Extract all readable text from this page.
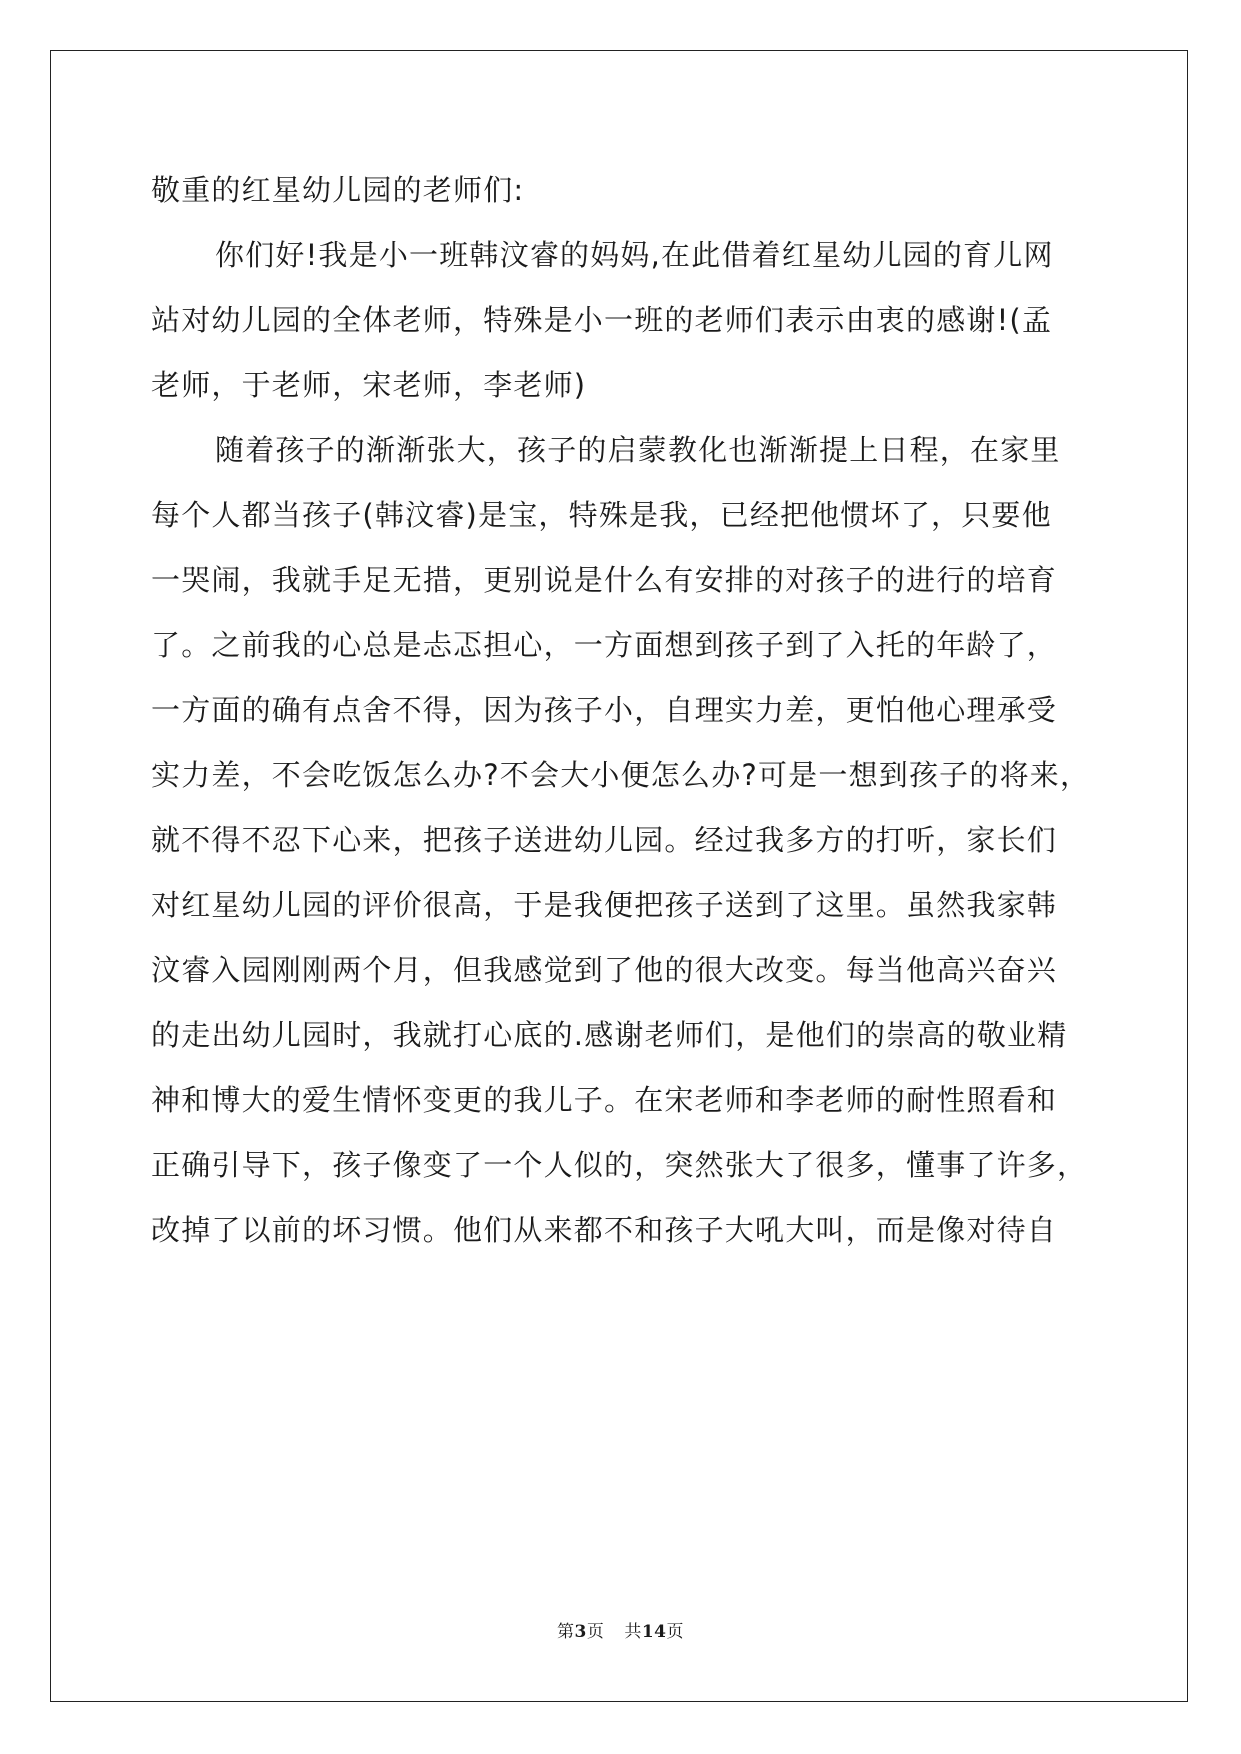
敬重的红星幼儿园的老师们:
你们好!我是小一班韩汶睿的妈妈,在此借着红星幼儿园的育儿网
站对幼儿园的全体老师，特殊是小一班的老师们表示由衷的感谢!(孟
老师，于老师，宋老师，李老师)
随着孩子的渐渐张大，孩子的启蒙教化也渐渐提上日程，在家里
每个人都当孩子(韩汶睿)是宝，特殊是我，已经把他惯坏了，只要他
一哭闹，我就手足无措，更别说是什么有安排的对孩子的进行的培育
了。之前我的心总是忐忑担心，一方面想到孩子到了入托的年龄了，
一方面的确有点舍不得，因为孩子小，自理实力差，更怕他心理承受
实力差，不会吃饭怎么办?不会大小便怎么办?可是一想到孩子的将来，
就不得不忍下心来，把孩子送进幼儿园。经过我多方的打听，家长们
对红星幼儿园的评价很高，于是我便把孩子送到了这里。虽然我家韩
汶睿入园刚刚两个月，但我感觉到了他的很大改变。每当他高兴奋兴
的走出幼儿园时，我就打心底的.感谢老师们，是他们的崇高的敬业精
神和博大的爱生情怀变更的我儿子。在宋老师和李老师的耐性照看和
正确引导下，孩子像变了一个人似的，突然张大了很多，懂事了许多，
改掉了以前的坏习惯。他们从来都不和孩子大吼大叫，而是像对待自
第3页 共14页
